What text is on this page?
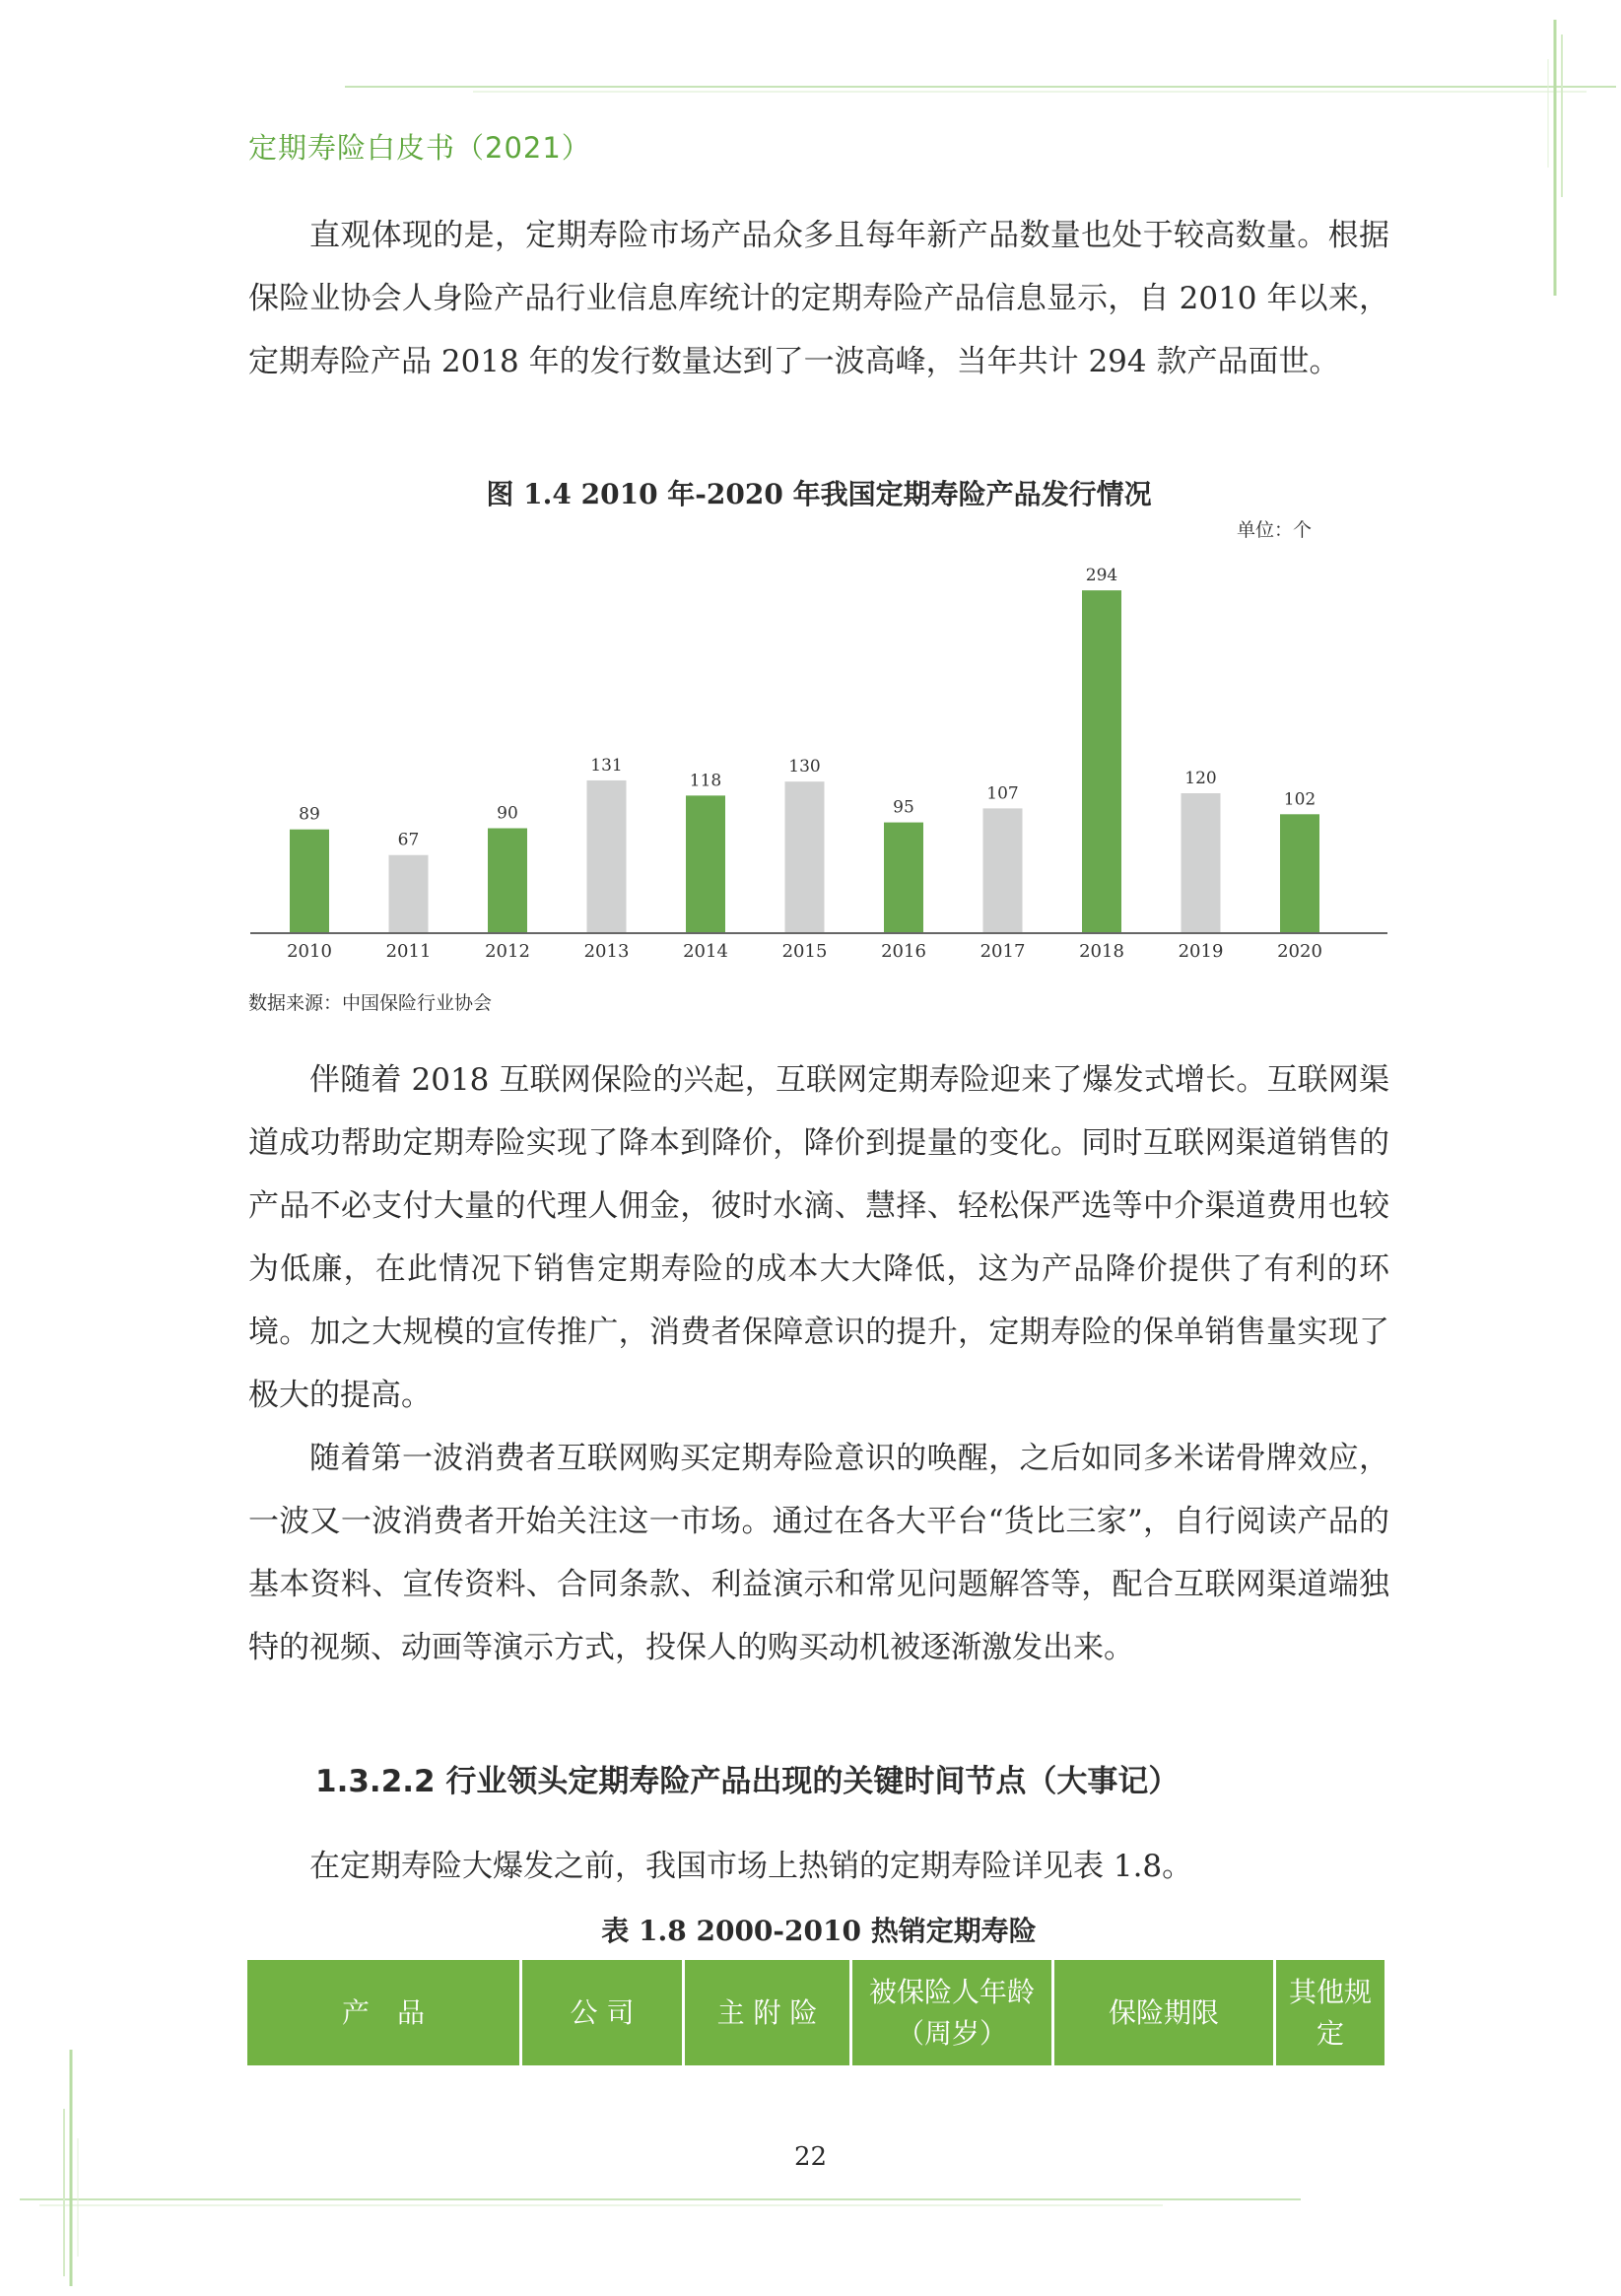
定期寿险白皮书（2021）

直观体现的是，定期寿险市场产品众多且每年新产品数量也处于较高数量。根据保险业协会人身险产品行业信息库统计的定期寿险产品信息显示，自 2010 年以来，定期寿险产品 2018 年的发行数量达到了一波高峰，当年共计 294 款产品面世。

图 1.4 2010 年-2020 年我国定期寿险产品发行情况
单位：个
89
2010
67
2011
90
2012
131
2013
118
2014
130
2015
95
2016
107
2017
294
2018
120
2019
102
2020
数据来源：中国保险行业协会

伴随着 2018 互联网保险的兴起，互联网定期寿险迎来了爆发式增长。互联网渠道成功帮助定期寿险实现了降本到降价，降价到提量的变化。同时互联网渠道销售的产品不必支付大量的代理人佣金，彼时水滴、慧择、轻松保严选等中介渠道费用也较为低廉，在此情况下销售定期寿险的成本大大降低，这为产品降价提供了有利的环境。加之大规模的宣传推广，消费者保障意识的提升，定期寿险的保单销售量实现了极大的提高。

随着第一波消费者互联网购买定期寿险意识的唤醒，之后如同多米诺骨牌效应，一波又一波消费者开始关注这一市场。通过在各大平台“货比三家”，自行阅读产品的基本资料、宣传资料、合同条款、利益演示和常见问题解答等，配合互联网渠道端独特的视频、动画等演示方式，投保人的购买动机被逐渐激发出来。

1.3.2.2 行业领头定期寿险产品出现的关键时间节点（大事记）

在定期寿险大爆发之前，我国市场上热销的定期寿险详见表 1.8。

表 1.8 2000-2010 热销定期寿险
产　品	公 司	主 附 险	被保险人年龄（周岁）	保险期限	其他规定
22
